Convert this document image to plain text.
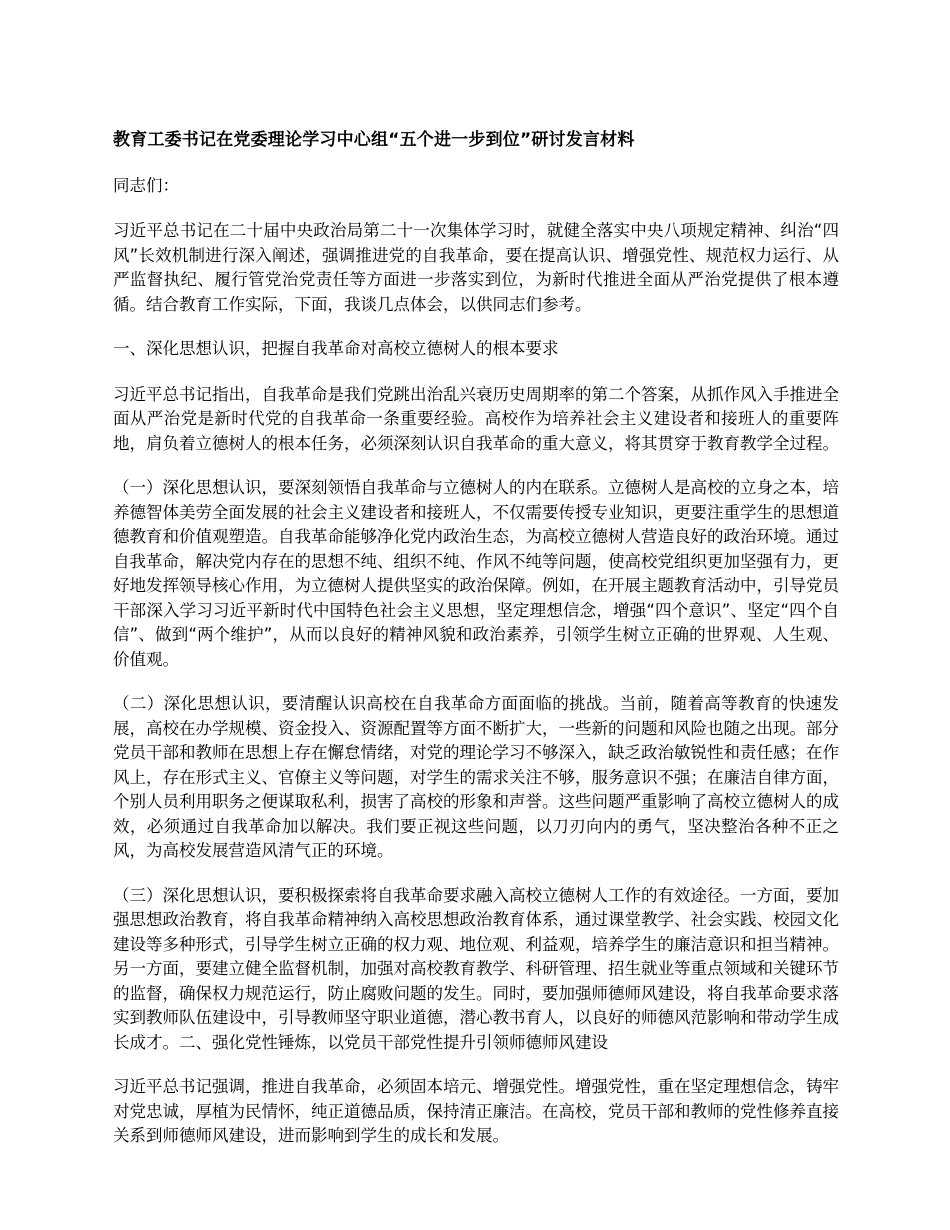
教育工委书记在党委理论学习中心组“五个进一步到位”研讨发言材料

同志们：

习近平总书记在二十届中央政治局第二十一次集体学习时，就健全落实中央八项规定精神、纠治“四风”长效机制进行深入阐述，强调推进党的自我革命，要在提高认识、增强党性、规范权力运行、从严监督执纪、履行管党治党责任等方面进一步落实到位，为新时代推进全面从严治党提供了根本遵循。结合教育工作实际，下面，我谈几点体会，以供同志们参考。

一、深化思想认识，把握自我革命对高校立德树人的根本要求

习近平总书记指出，自我革命是我们党跳出治乱兴衰历史周期率的第二个答案，从抓作风入手推进全面从严治党是新时代党的自我革命一条重要经验。高校作为培养社会主义建设者和接班人的重要阵地，肩负着立德树人的根本任务，必须深刻认识自我革命的重大意义，将其贯穿于教育教学全过程。

（一）深化思想认识，要深刻领悟自我革命与立德树人的内在联系。立德树人是高校的立身之本，培养德智体美劳全面发展的社会主义建设者和接班人，不仅需要传授专业知识，更要注重学生的思想道德教育和价值观塑造。自我革命能够净化党内政治生态，为高校立德树人营造良好的政治环境。通过自我革命，解决党内存在的思想不纯、组织不纯、作风不纯等问题，使高校党组织更加坚强有力，更好地发挥领导核心作用，为立德树人提供坚实的政治保障。例如，在开展主题教育活动中，引导党员干部深入学习习近平新时代中国特色社会主义思想，坚定理想信念，增强“四个意识”、坚定“四个自信”、做到“两个维护”，从而以良好的精神风貌和政治素养，引领学生树立正确的世界观、人生观、价值观。

（二）深化思想认识，要清醒认识高校在自我革命方面面临的挑战。当前，随着高等教育的快速发展，高校在办学规模、资金投入、资源配置等方面不断扩大，一些新的问题和风险也随之出现。部分党员干部和教师在思想上存在懈怠情绪，对党的理论学习不够深入，缺乏政治敏锐性和责任感；在作风上，存在形式主义、官僚主义等问题，对学生的需求关注不够，服务意识不强；在廉洁自律方面，个别人员利用职务之便谋取私利，损害了高校的形象和声誉。这些问题严重影响了高校立德树人的成效，必须通过自我革命加以解决。我们要正视这些问题，以刀刃向内的勇气，坚决整治各种不正之风，为高校发展营造风清气正的环境。

（三）深化思想认识，要积极探索将自我革命要求融入高校立德树人工作的有效途径。一方面，要加强思想政治教育，将自我革命精神纳入高校思想政治教育体系，通过课堂教学、社会实践、校园文化建设等多种形式，引导学生树立正确的权力观、地位观、利益观，培养学生的廉洁意识和担当精神。另一方面，要建立健全监督机制，加强对高校教育教学、科研管理、招生就业等重点领域和关键环节的监督，确保权力规范运行，防止腐败问题的发生。同时，要加强师德师风建设，将自我革命要求落实到教师队伍建设中，引导教师坚守职业道德，潜心教书育人，以良好的师德风范影响和带动学生成长成才。二、强化党性锤炼，以党员干部党性提升引领师德师风建设

习近平总书记强调，推进自我革命，必须固本培元、增强党性。增强党性，重在坚定理想信念，铸牢对党忠诚，厚植为民情怀，纯正道德品质，保持清正廉洁。在高校，党员干部和教师的党性修养直接关系到师德师风建设，进而影响到学生的成长和发展。
